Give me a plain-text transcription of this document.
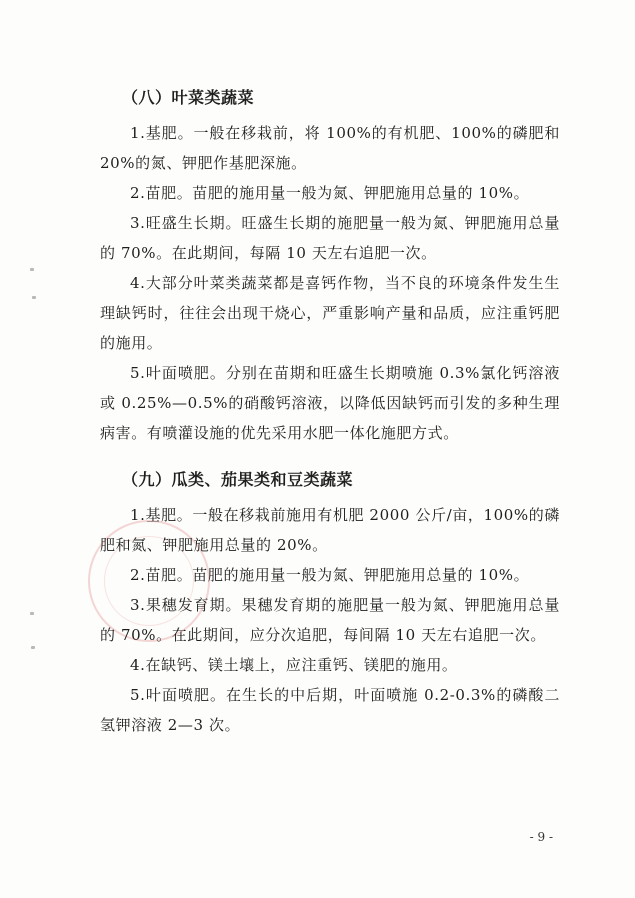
（八）叶菜类蔬菜

1.基肥。一般在移栽前，将 100%的有机肥、100%的磷肥和 20%的氮、钾肥作基肥深施。

2.苗肥。苗肥的施用量一般为氮、钾肥施用总量的 10%。

3.旺盛生长期。旺盛生长期的施肥量一般为氮、钾肥施用总量的 70%。在此期间，每隔 10 天左右追肥一次。

4.大部分叶菜类蔬菜都是喜钙作物，当不良的环境条件发生生理缺钙时，往往会出现干烧心，严重影响产量和品质，应注重钙肥的施用。

5.叶面喷肥。分别在苗期和旺盛生长期喷施 0.3%氯化钙溶液或 0.25%—0.5%的硝酸钙溶液，以降低因缺钙而引发的多种生理病害。有喷灌设施的优先采用水肥一体化施肥方式。

（九）瓜类、茄果类和豆类蔬菜

1.基肥。一般在移栽前施用有机肥 2000 公斤/亩，100%的磷肥和氮、钾肥施用总量的 20%。

2.苗肥。苗肥的施用量一般为氮、钾肥施用总量的 10%。

3.果穗发育期。果穗发育期的施肥量一般为氮、钾肥施用总量的 70%。在此期间，应分次追肥，每间隔 10 天左右追肥一次。

4.在缺钙、镁土壤上，应注重钙、镁肥的施用。

5.叶面喷肥。在生长的中后期，叶面喷施 0.2-0.3%的磷酸二氢钾溶液 2—3 次。

- 9 -
